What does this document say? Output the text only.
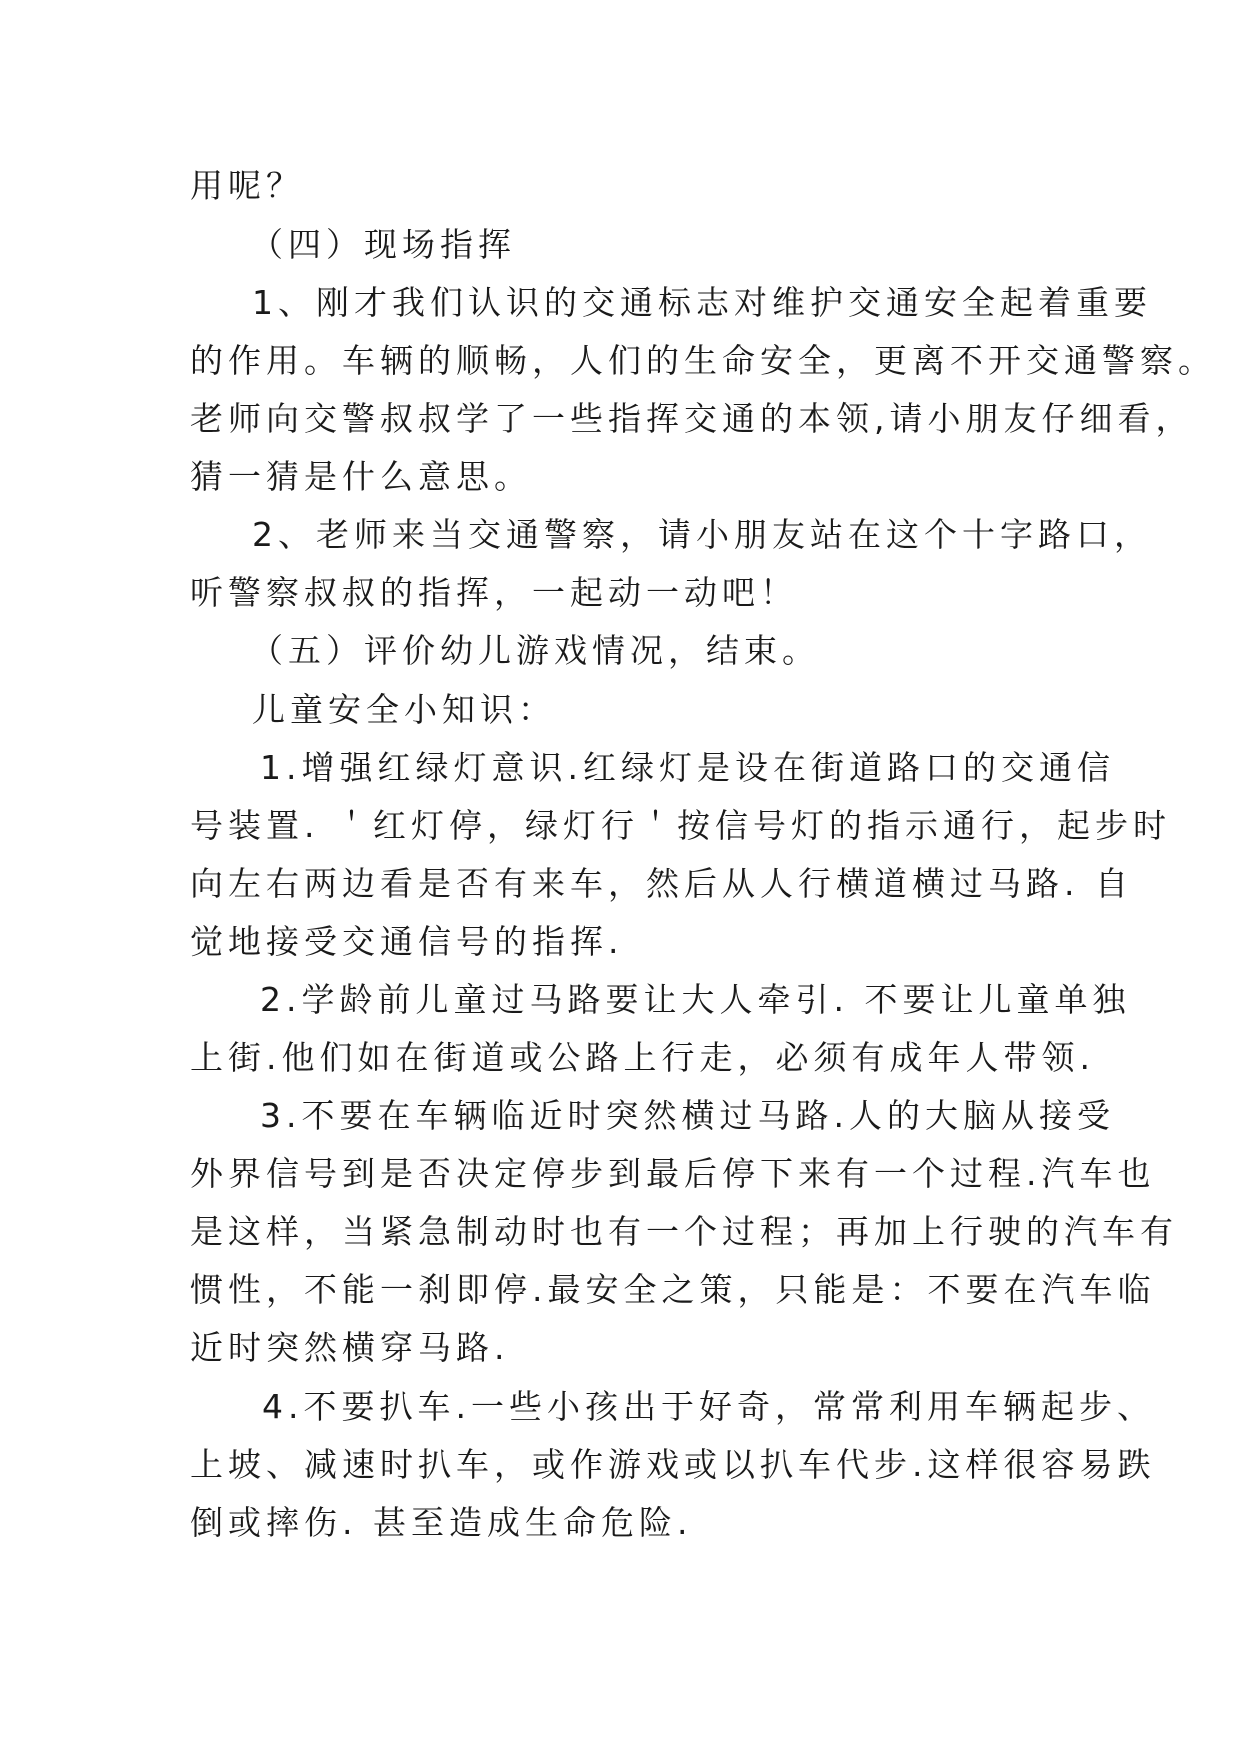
用呢？
（四）现场指挥
1、刚才我们认识的交通标志对维护交通安全起着重要
的作用。车辆的顺畅，人们的生命安全，更离不开交通警察。
老师向交警叔叔学了一些指挥交通的本领,请小朋友仔细看，
猜一猜是什么意思。
2、老师来当交通警察，请小朋友站在这个十字路口，
听警察叔叔的指挥，一起动一动吧！
（五）评价幼儿游戏情况，结束。
儿童安全小知识：
1.增强红绿灯意识.红绿灯是设在街道路口的交通信
号装置. ＇红灯停，绿灯行＇按信号灯的指示通行，起步时
向左右两边看是否有来车，然后从人行横道横过马路. 自
觉地接受交通信号的指挥.
2.学龄前儿童过马路要让大人牵引. 不要让儿童单独
上街.他们如在街道或公路上行走，必须有成年人带领.
3.不要在车辆临近时突然横过马路.人的大脑从接受
外界信号到是否决定停步到最后停下来有一个过程.汽车也
是这样，当紧急制动时也有一个过程；再加上行驶的汽车有
惯性，不能一刹即停.最安全之策，只能是：不要在汽车临
近时突然横穿马路.
4.不要扒车.一些小孩出于好奇，常常利用车辆起步、
上坡、减速时扒车，或作游戏或以扒车代步.这样很容易跌
倒或摔伤. 甚至造成生命危险.
